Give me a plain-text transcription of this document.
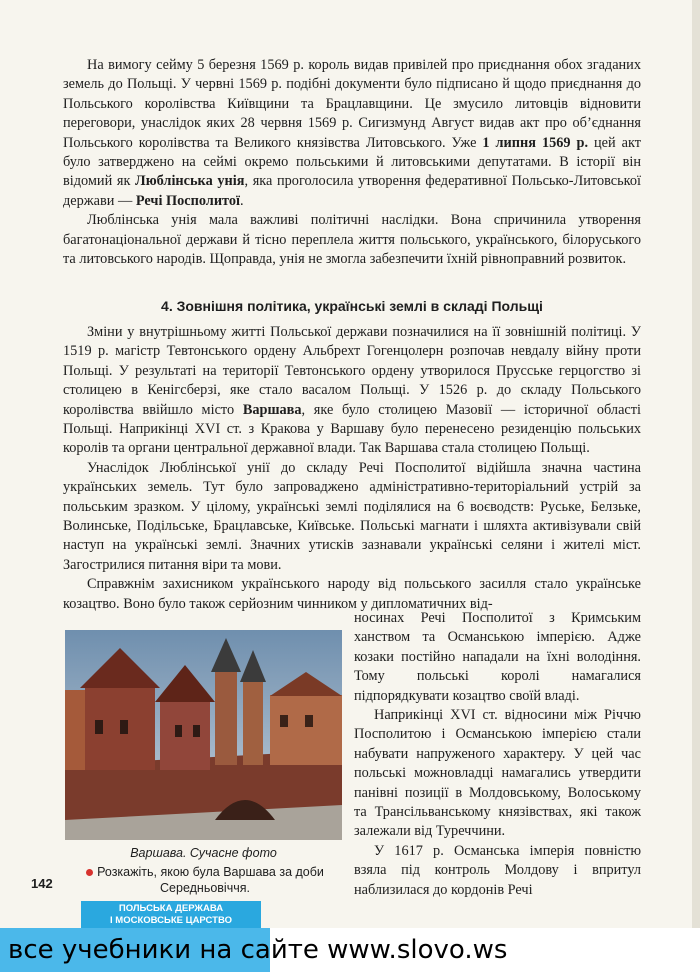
На вимогу сейму 5 березня 1569 р. король видав привілей про приєднання обох згаданих земель до Польщі. У червні 1569 р. подібні документи було підписано й щодо приєднання до Польського королівства Київщини та Брацлавщини. Це змусило литовців відновити переговори, унаслідок яких 28 червня 1569 р. Сигизмунд Август видав акт про об’єднання Польського королівства та Великого князівства Литовського. Уже 1 липня 1569 р. цей акт було затверджено на сеймі окремо польськими й литовськими депутатами. В історії він відомий як Люблінська унія, яка проголосила утворення федеративної Польсько-Литовської держави — Речі Посполитої.

Люблінська унія мала важливі політичні наслідки. Вона спричинила утворення багатонаціональної держави й тісно переплела життя польського, українського, білоруського та литовського народів. Щоправда, унія не змогла забезпечити їхній рівноправний розвиток.

4. Зовнішня політика, українські землі в складі Польщі

Зміни у внутрішньому житті Польської держави позначилися на її зовнішній політиці. У 1519 р. магістр Тевтонського ордену Альбрехт Гогенцолерн розпочав невдалу війну проти Польщі. У результаті на території Тевтонського ордену утворилося Прусське герцогство зі столицею в Кенігсберзі, яке стало васалом Польщі. У 1526 р. до складу Польського королівства ввійшло місто Варшава, яке було столицею Мазовії — історичної області Польщі. Наприкінці XVI ст. з Кракова у Варшаву було перенесено резиденцію польських королів та органи центральної державної влади. Так Варшава стала столицею Польщі.

Унаслідок Люблінської унії до складу Речі Посполитої відійшла значна частина українських земель. Тут було запроваджено адміністративно-територіальний устрій за польським зразком. У цілому, українські землі поділялися на 6 воєводств: Руське, Белзьке, Волинське, Подільське, Брацлавське, Київське. Польські магнати і шляхта активізували свій наступ на українські землі. Значних утисків зазнавали українські селяни і жителі міст. Загострилися питання віри та мови.

Справжнім захисником українського народу від польського засилля стало українське козацтво. Воно було також серйозним чинником у дипломатичних від-

Варшава. Сучасне фото
Розкажіть, якою була Варшава за доби Середньовіччя.

носинах Речі Посполитої з Кримським ханством та Османською імперією. Адже козаки постійно нападали на їхні володіння. Тому польські королі намагалися підпорядкувати козацтво своїй владі.

Наприкінці XVI ст. відносини між Річчю Посполитою і Османською імперією стали набувати напруженого характеру. У цей час польські можновладці намагались утвердити панівні позиції в Молдовському, Волоському та Трансільванському князівствах, які також залежали від Туреччини.

У 1617 р. Османська імперія повністю взяла під контроль Молдову і впритул наблизилася до кордонів Речі

142
ПОЛЬСЬКА ДЕРЖАВА
І МОСКОВСЬКЕ ЦАРСТВО
все учебники на сайте www.slovo.ws
